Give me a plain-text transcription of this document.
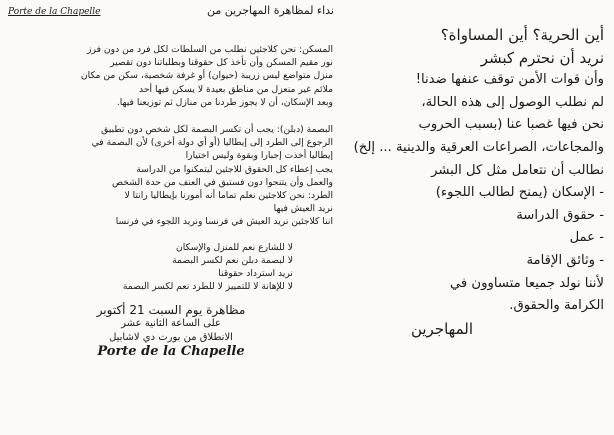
Porte de la Chapelle	نداء لمظاهرة المهاجرين من

المسكن: نحن كلاجئين نطلب من السلطات لكل فرد من دون فرز

نور مقيم المسكن وأن تأخذ كل حقوقنا وبطلباتنا دون تقصير

منزل متواضع ليس زريبة (حيوان) أو غرفة شخصية، سكن من مكان

ملائم غير منعزل من مناطق بعيدة لا يسكن فيها أحد

وبعد الإسكان، أن لا يجوز طردنا من منازل ثم توزيعنا فيها.

البصمة (دبلن): يجب أن تكسر البصمة لكل شخص دون تطبيق

الرجوع إلى الطرد إلى إيطاليا (أو أي دولة أخرى) لأن البصمة في

إيطاليا أخذت إجبارا وبقوة وليس اختيارا

يجب إعطاء كل الحقوق للاجئين ليتمكنوا من الدراسة

والعمل وأن يتنحوا دون فستبق في العنف من حدة الشخص

الطرد: نحن كلاجئين نعلم تماما أنه أمورنا بإيطاليا رانتا لا

نريد العيش فيها

اننا كلاجئين نريد العيش في فرنسا ونريد اللجوء في فرنسا

لا للشارع نعم للمنزل والإسكان

لا لبصمة دبلن نعم لكسر البصمة

نريد استرداد حقوقنا

لا للإهانة لا للتمييز لا للطرد نعم لكسر البصمة

مظاهرة يوم السبت 21 أكتوبر
على الساعة الثانية عشر
الانطلاق من بورت دي لاشابيل
Porte de la Chapelle

أين الحرية؟ أين المساواة؟

نريد أن نحترم كبشر

وأن قوات الأمن توقف عنفها ضدنا!

لم نطلب الوصول إلى هذه الحالة،

نحن فيها غصبا عنا (بسبب الحروب

والمجاعات، الصراعات العرقية والدينية ... إلخ)

نطالب أن نتعامل مثل كل البشر

- الإسكان (يمنح لطالب اللجوء)

- حقوق الدراسة

- عمل

- وثائق الإقامة

لأننا نولد جميعا متساوون في

الكرامة والحقوق.

المهاجرين
